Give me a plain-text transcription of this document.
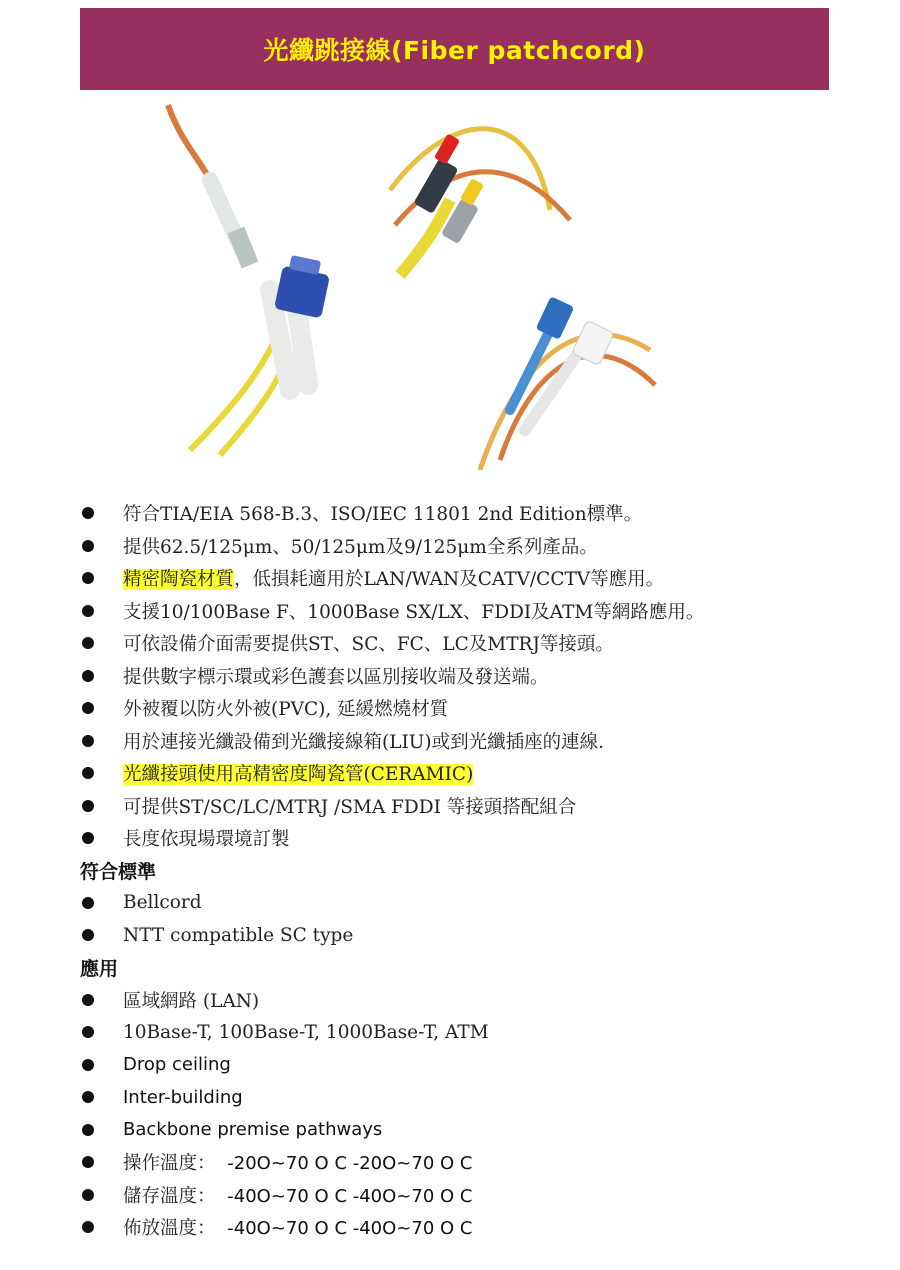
光纖跳接線(Fiber patchcord)
符合TIA/EIA 568-B.3、ISO/IEC 11801 2nd Edition標準。
提供62.5/125μm、50/125μm及9/125μm全系列產品。
精密陶瓷材質，低損耗適用於LAN/WAN及CATV/CCTV等應用。
支援10/100Base F、1000Base SX/LX、FDDI及ATM等網路應用。
可依設備介面需要提供ST、SC、FC、LC及MTRJ等接頭。
提供數字標示環或彩色護套以區別接收端及發送端。
外被覆以防火外被(PVC), 延緩燃燒材質
用於連接光纖設備到光纖接線箱(LIU)或到光纖插座的連線．
光纖接頭使用高精密度陶瓷管(CERAMIC)
可提供ST/SC/LC/MTRJ /SMA FDDI 等接頭搭配組合
長度依現場環境訂製
符合標準
Bellcord
NTT compatible SC type
應用
區域網路 (LAN)
10Base-T, 100Base-T, 1000Base-T, ATM
Drop ceiling
Inter-building
Backbone premise pathways
操作溫度： -20O~70 O C -20O~70 O C
儲存溫度： -40O~70 O C -40O~70 O C
佈放溫度： -40O~70 O C -40O~70 O C
